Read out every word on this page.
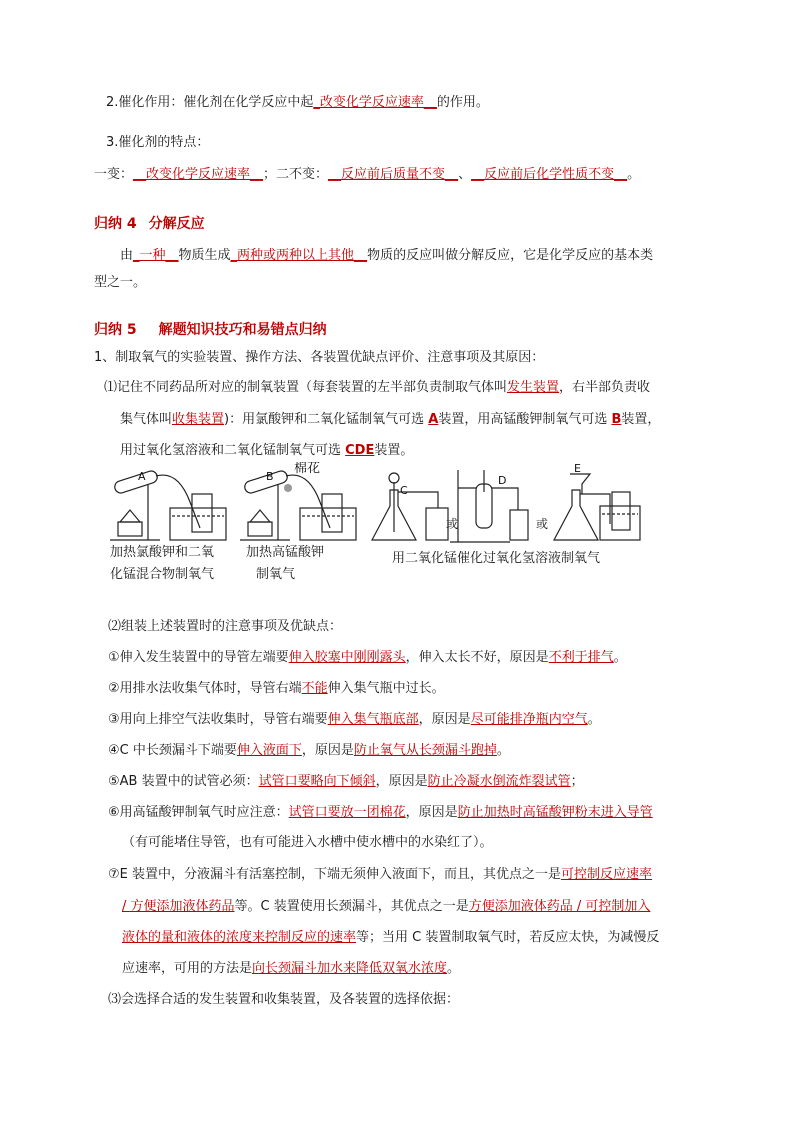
2.催化作用：催化剂在化学反应中起_改变化学反应速率__的作用。
3.催化剂的特点：
一变：__改变化学反应速率__；二不变：__反应前后质量不变__、__反应前后化学性质不变__。
归纳 4 分解反应
由_一种__物质生成_两种或两种以上其他__物质的反应叫做分解反应，它是化学反应的基本类
型之一。
归纳 5 解题知识技巧和易错点归纳
1、制取氧气的实验装置、操作方法、各装置优缺点评价、注意事项及其原因：
⑴记住不同药品所对应的制氧装置（每套装置的左半部负责制取气体叫发生装置，右半部负责收
集气体叫收集装置)：用氯酸钾和二氧化锰制氧气可选 A装置，用高锰酸钾制氧气可选 B装置，
用过氧化氢溶液和二氧化锰制氧气可选 CDE装置。
A	B
棉花
C
或
D
或
E
加热氯酸钾和二氧
化锰混合物制氧气
加热高锰酸钾
制氧气
用二氧化锰催化过氧化氢溶液制氧气
⑵组装上述装置时的注意事项及优缺点：
①伸入发生装置中的导管左端要伸入胶塞中刚刚露头，伸入太长不好，原因是不利于排气。
②用排水法收集气体时，导管右端不能伸入集气瓶中过长。
③用向上排空气法收集时，导管右端要伸入集气瓶底部，原因是尽可能排净瓶内空气。
④C 中长颈漏斗下端要伸入液面下，原因是防止氧气从长颈漏斗跑掉。
⑤AB 装置中的试管必须：试管口要略向下倾斜，原因是防止冷凝水倒流炸裂试管；
⑥用高锰酸钾制氧气时应注意：试管口要放一团棉花，原因是防止加热时高锰酸钾粉末进入导管
（有可能堵住导管，也有可能进入水槽中使水槽中的水染红了）。
⑦E 装置中，分液漏斗有活塞控制，下端无须伸入液面下，而且，其优点之一是可控制反应速率
/ 方便添加液体药品等。C 装置使用长颈漏斗，其优点之一是方便添加液体药品 / 可控制加入
液体的量和液体的浓度来控制反应的速率等；当用 C 装置制取氧气时，若反应太快，为减慢反
应速率，可用的方法是向长颈漏斗加水来降低双氧水浓度。
⑶会选择合适的发生装置和收集装置，及各装置的选择依据：
